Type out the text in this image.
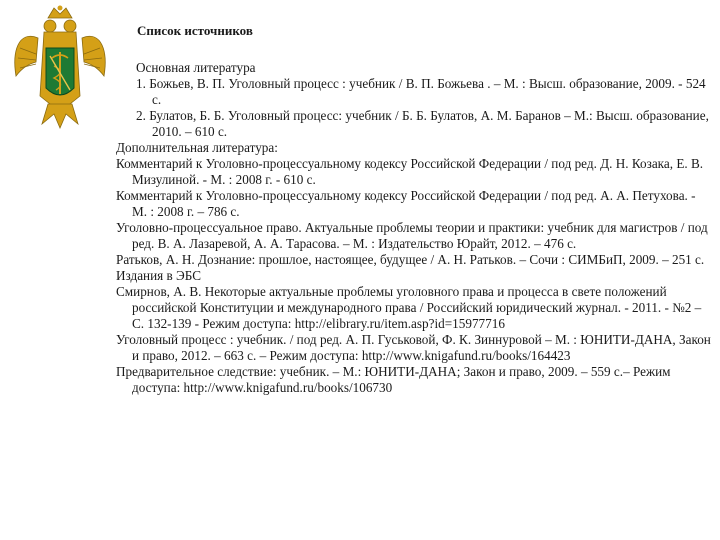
Список источников

Основная литература

1. Божьев, В. П. Уголовный процесс : учебник / В. П. Божьева . – М. : Высш. образование, 2009. - 524 с.

2. Булатов, Б. Б. Уголовный процесс: учебник / Б. Б. Булатов, А. М. Баранов – М.: Высш. образование, 2010. – 610 с.

Дополнительная литература:

Комментарий к Уголовно-процессуальному кодексу Российской Федерации / под ред. Д. Н. Козака, Е. В. Мизулиной. - М. : 2008 г. - 610 с.

Комментарий к Уголовно-процессуальному кодексу Российской Федерации / под ред. А. А. Петухова. - М. : 2008 г. – 786 с.

Уголовно-процессуальное право. Актуальные проблемы теории и практики: учебник для магистров / под ред. В. А. Лазаревой, А. А. Тарасова. – М. : Издательство Юрайт, 2012. – 476 с.

Ратьков, А. Н. Дознание: прошлое, настоящее, будущее / А. Н. Ратьков. – Сочи : СИМБиП, 2009. – 251 с.

Издания в ЭБС

Смирнов, А. В. Некоторые актуальные проблемы уголовного права и процесса в свете положений российской Конституции и международного права / Российский юридический журнал. - 2011. - №2 – С. 132-139 - Режим доступа: http://elibrary.ru/item.asp?id=15977716

Уголовный процесс : учебник. / под ред. А. П. Гуськовой, Ф. К. Зиннуровой – М. : ЮНИТИ-ДАНА, Закон и право, 2012. – 663 с. – Режим доступа: http://www.knigafund.ru/books/164423

Предварительное следствие: учебник. – М.: ЮНИТИ-ДАНА; Закон и право, 2009. – 559 с.– Режим доступа: http://www.knigafund.ru/books/106730
